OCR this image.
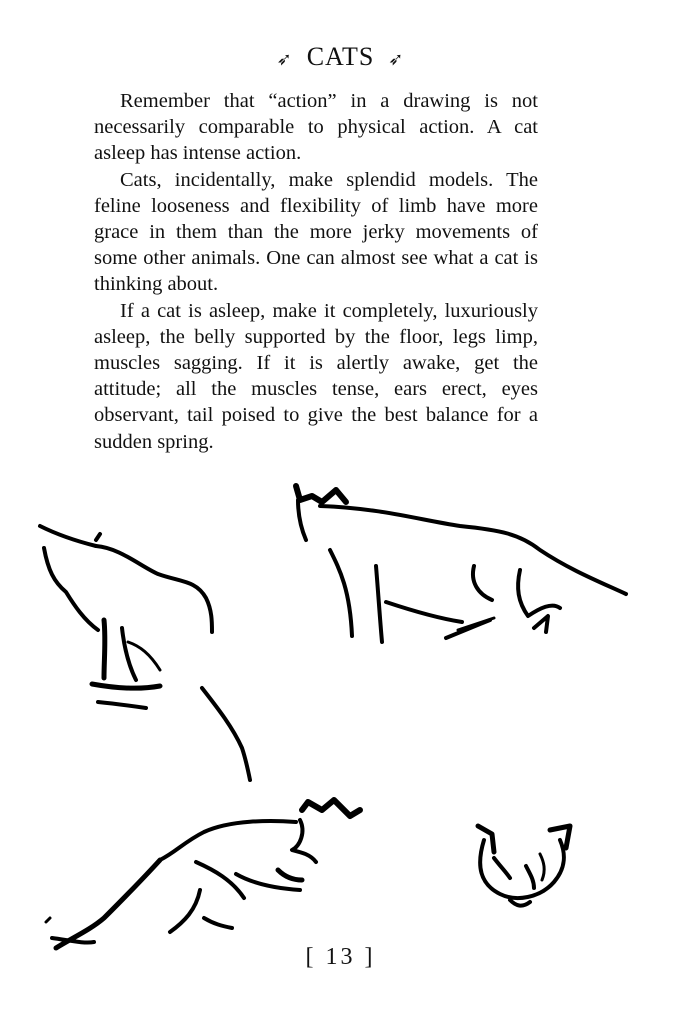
➶ CATS ➶

Remember that “action” in a drawing is not necessarily comparable to physical action. A cat asleep has intense action.

Cats, incidentally, make splendid models. The feline looseness and flexibility of limb have more grace in them than the more jerky movements of some other animals. One can almost see what a cat is thinking about.

If a cat is asleep, make it completely, luxuriously asleep, the belly supported by the floor, legs limp, muscles sagging. If it is alertly awake, get the attitude; all the muscles tense, ears erect, eyes observant, tail poised to give the best balance for a sudden spring.

[ 13 ]
